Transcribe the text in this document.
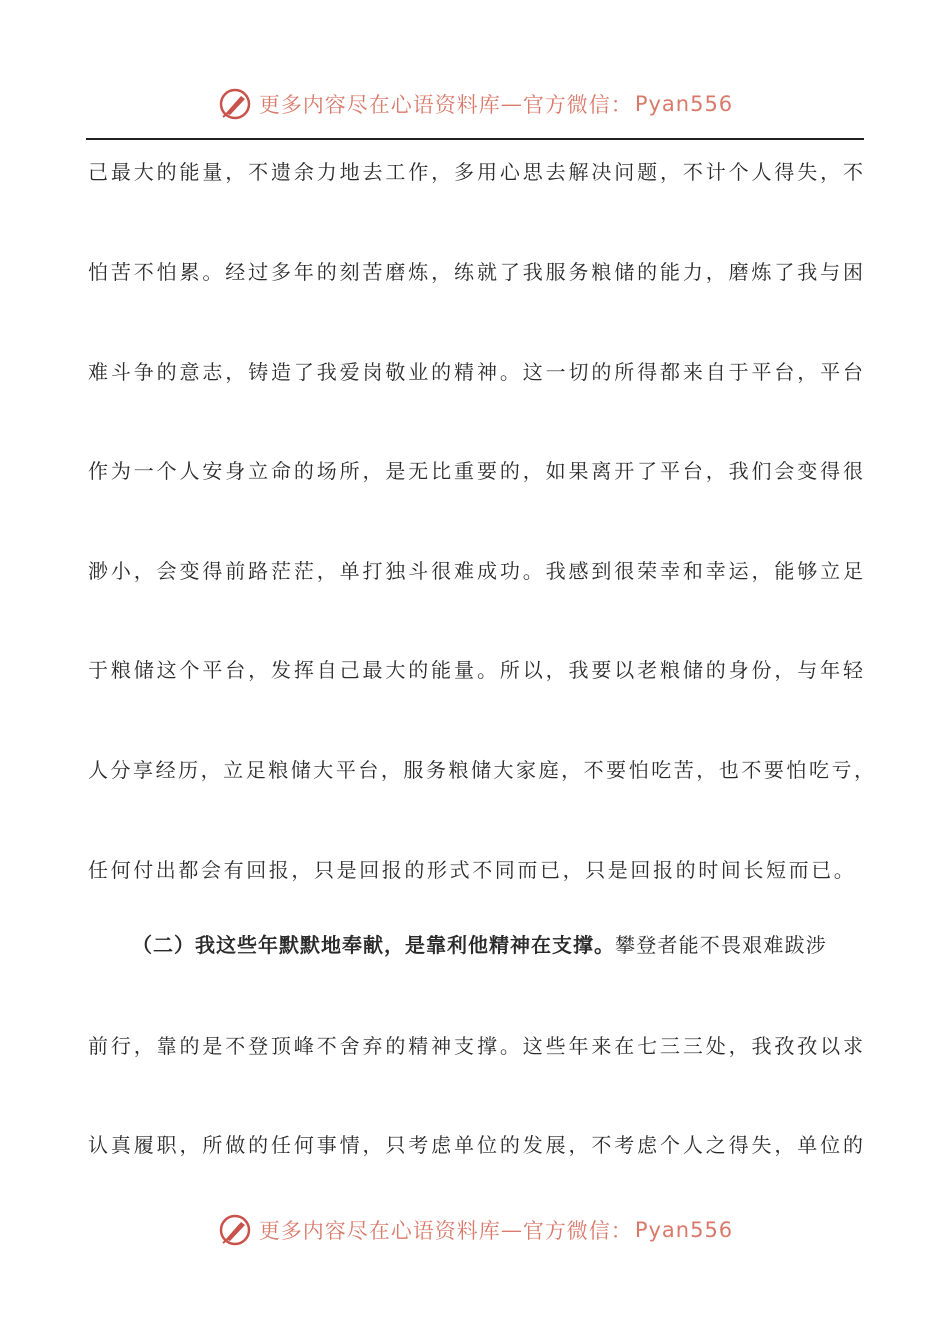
更多内容尽在心语资料库 — 官方微信： Pyan556
己最大的能量，不遗余力地去工作，多用心思去解决问题，不计个人得失，不
怕苦不怕累。经过多年的刻苦磨炼，练就了我服务粮储的能力，磨炼了我与困
难斗争的意志，铸造了我爱岗敬业的精神。这一切的所得都来自于平台，平台
作为一个人安身立命的场所，是无比重要的，如果离开了平台，我们会变得很
渺小，会变得前路茫茫，单打独斗很难成功。我感到很荣幸和幸运，能够立足
于粮储这个平台，发挥自己最大的能量。所以，我要以老粮储的身份，与年轻
人分享经历，立足粮储大平台，服务粮储大家庭，不要怕吃苦，也不要怕吃亏，
任何付出都会有回报，只是回报的形式不同而已，只是回报的时间长短而已。
（二）我这些年默默地奉献，是靠利他精神在支撑。攀登者能不畏艰难跋涉
前行，靠的是不登顶峰不舍弃的精神支撑。这些年来在七三三处，我孜孜以求
认真履职，所做的任何事情，只考虑单位的发展，不考虑个人之得失，单位的
更多内容尽在心语资料库 — 官方微信： Pyan556
